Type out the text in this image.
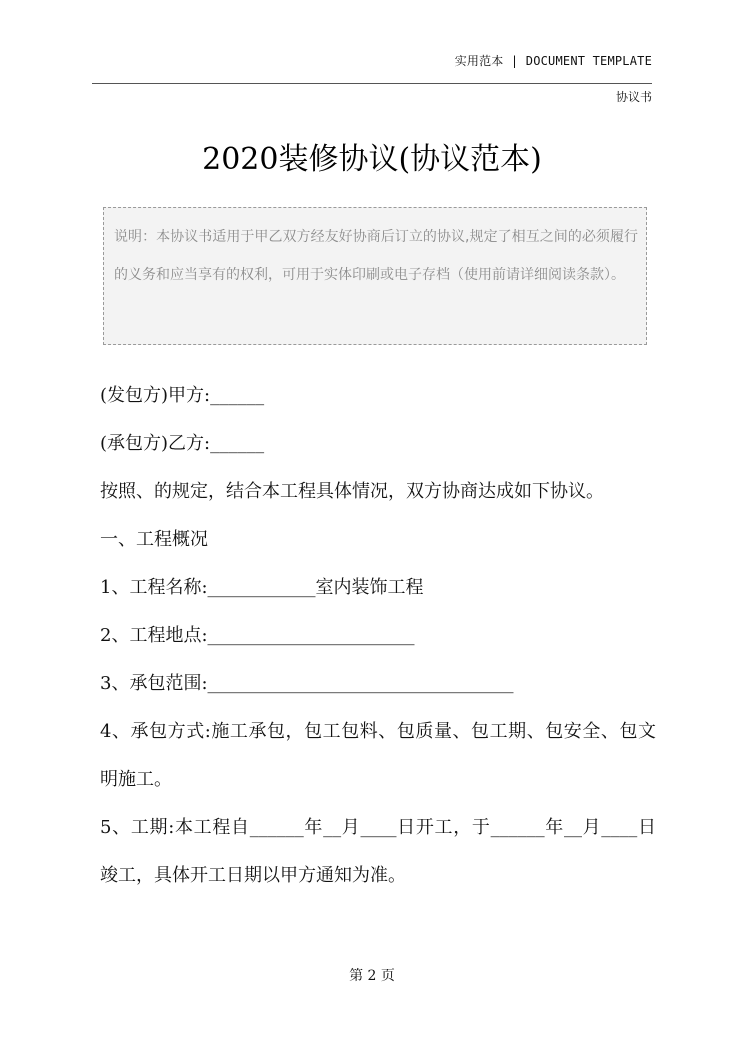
实用范本 | DOCUMENT TEMPLATE
协议书
2020装修协议(协议范本)
说明：本协议书适用于甲乙双方经友好协商后订立的协议,规定了相互之间的必须履行的义务和应当享有的权利，可用于实体印刷或电子存档（使用前请详细阅读条款）。

(发包方)甲方:______

(承包方)乙方:______

按照、的规定，结合本工程具体情况，双方协商达成如下协议。

一、工程概况

1、工程名称:____________室内装饰工程

2、工程地点:_______________________

3、承包范围:__________________________________

4、承包方式:施工承包，包工包料、包质量、包工期、包安全、包文明施工。

5、工期:本工程自______年__月____日开工，于______年__月____日竣工，具体开工日期以甲方通知为准。

第 2 页
